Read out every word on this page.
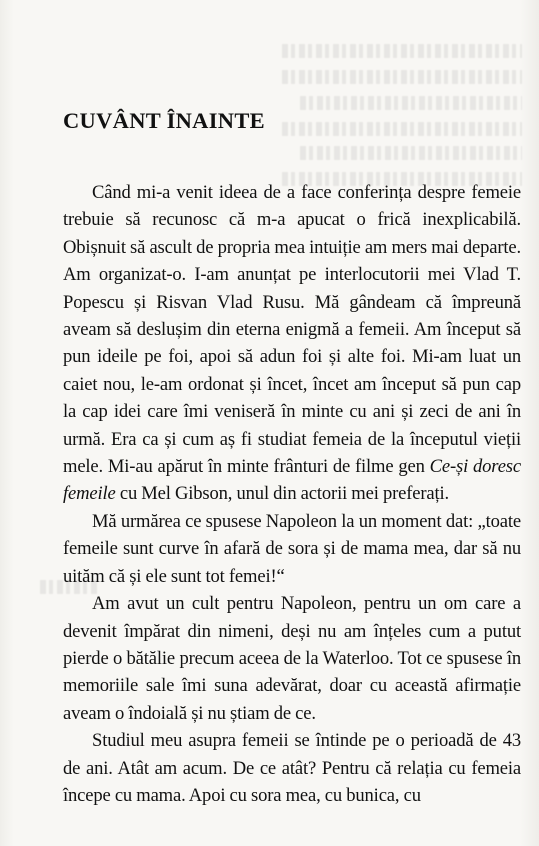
CUVÂNT ÎNAINTE

Când mi-a venit ideea de a face conferința despre femeie trebuie să recunosc că m-a apucat o frică inexplicabilă. Obișnuit să ascult de propria mea intuiție am mers mai departe. Am organizat-o. I-am anunțat pe interlocutorii mei Vlad T. Popescu și Risvan Vlad Rusu. Mă gândeam că împreună aveam să deslușim din eterna enigmă a femeii. Am început să pun ideile pe foi, apoi să adun foi și alte foi. Mi-am luat un caiet nou, le-am ordonat și încet, încet am început să pun cap la cap idei care îmi veniseră în minte cu ani și zeci de ani în urmă. Era ca și cum aș fi studiat femeia de la începutul vieții mele. Mi-au apărut în minte frânturi de filme gen Ce-și doresc femeile cu Mel Gibson, unul din actorii mei preferați.

Mă urmărea ce spusese Napoleon la un moment dat: „toate femeile sunt curve în afară de sora și de mama mea, dar să nu uităm că și ele sunt tot femei!“

Am avut un cult pentru Napoleon, pentru un om care a devenit împărat din nimeni, deși nu am înțeles cum a putut pierde o bătălie precum aceea de la Waterloo. Tot ce spusese în memoriile sale îmi suna adevărat, doar cu această afirmație aveam o îndoială și nu știam de ce.

Studiul meu asupra femeii se întinde pe o perioadă de 43 de ani. Atât am acum. De ce atât? Pentru că relația cu femeia începe cu mama. Apoi cu sora mea, cu bunica, cu
